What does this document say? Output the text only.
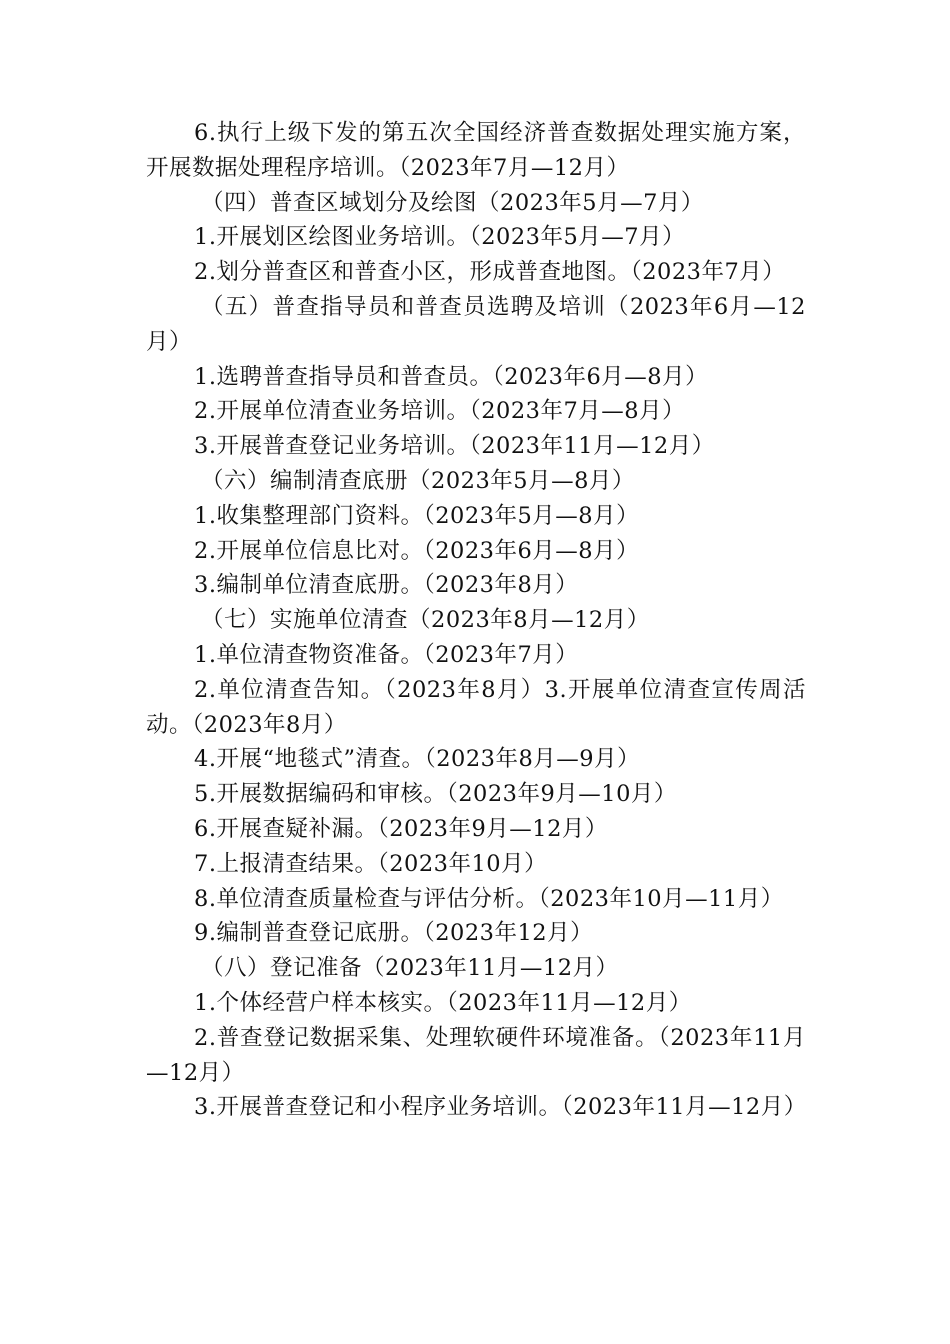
6.执行上级下发的第五次全国经济普查数据处理实施方案，开展数据处理程序培训。（2023年7月—12月）

（四）普查区域划分及绘图（2023年5月—7月）

1.开展划区绘图业务培训。（2023年5月—7月）

2.划分普查区和普查小区，形成普查地图。（2023年7月）

（五）普查指导员和普查员选聘及培训（2023年6月—12月）

1.选聘普查指导员和普查员。（2023年6月—8月）

2.开展单位清查业务培训。（2023年7月—8月）

3.开展普查登记业务培训。（2023年11月—12月）

（六）编制清查底册（2023年5月—8月）

1.收集整理部门资料。（2023年5月—8月）

2.开展单位信息比对。（2023年6月—8月）

3.编制单位清查底册。（2023年8月）

（七）实施单位清查（2023年8月—12月）

1.单位清查物资准备。（2023年7月）

2.单位清查告知。（2023年8月）3.开展单位清查宣传周活动。（2023年8月）

4.开展“地毯式”清查。（2023年8月—9月）

5.开展数据编码和审核。（2023年9月—10月）

6.开展查疑补漏。（2023年9月—12月）

7.上报清查结果。（2023年10月）

8.单位清查质量检查与评估分析。（2023年10月—11月）

9.编制普查登记底册。（2023年12月）

（八）登记准备（2023年11月—12月）

1.个体经营户样本核实。（2023年11月—12月）

2.普查登记数据采集、处理软硬件环境准备。（2023年11月—12月）

3.开展普查登记和小程序业务培训。（2023年11月—12月）
